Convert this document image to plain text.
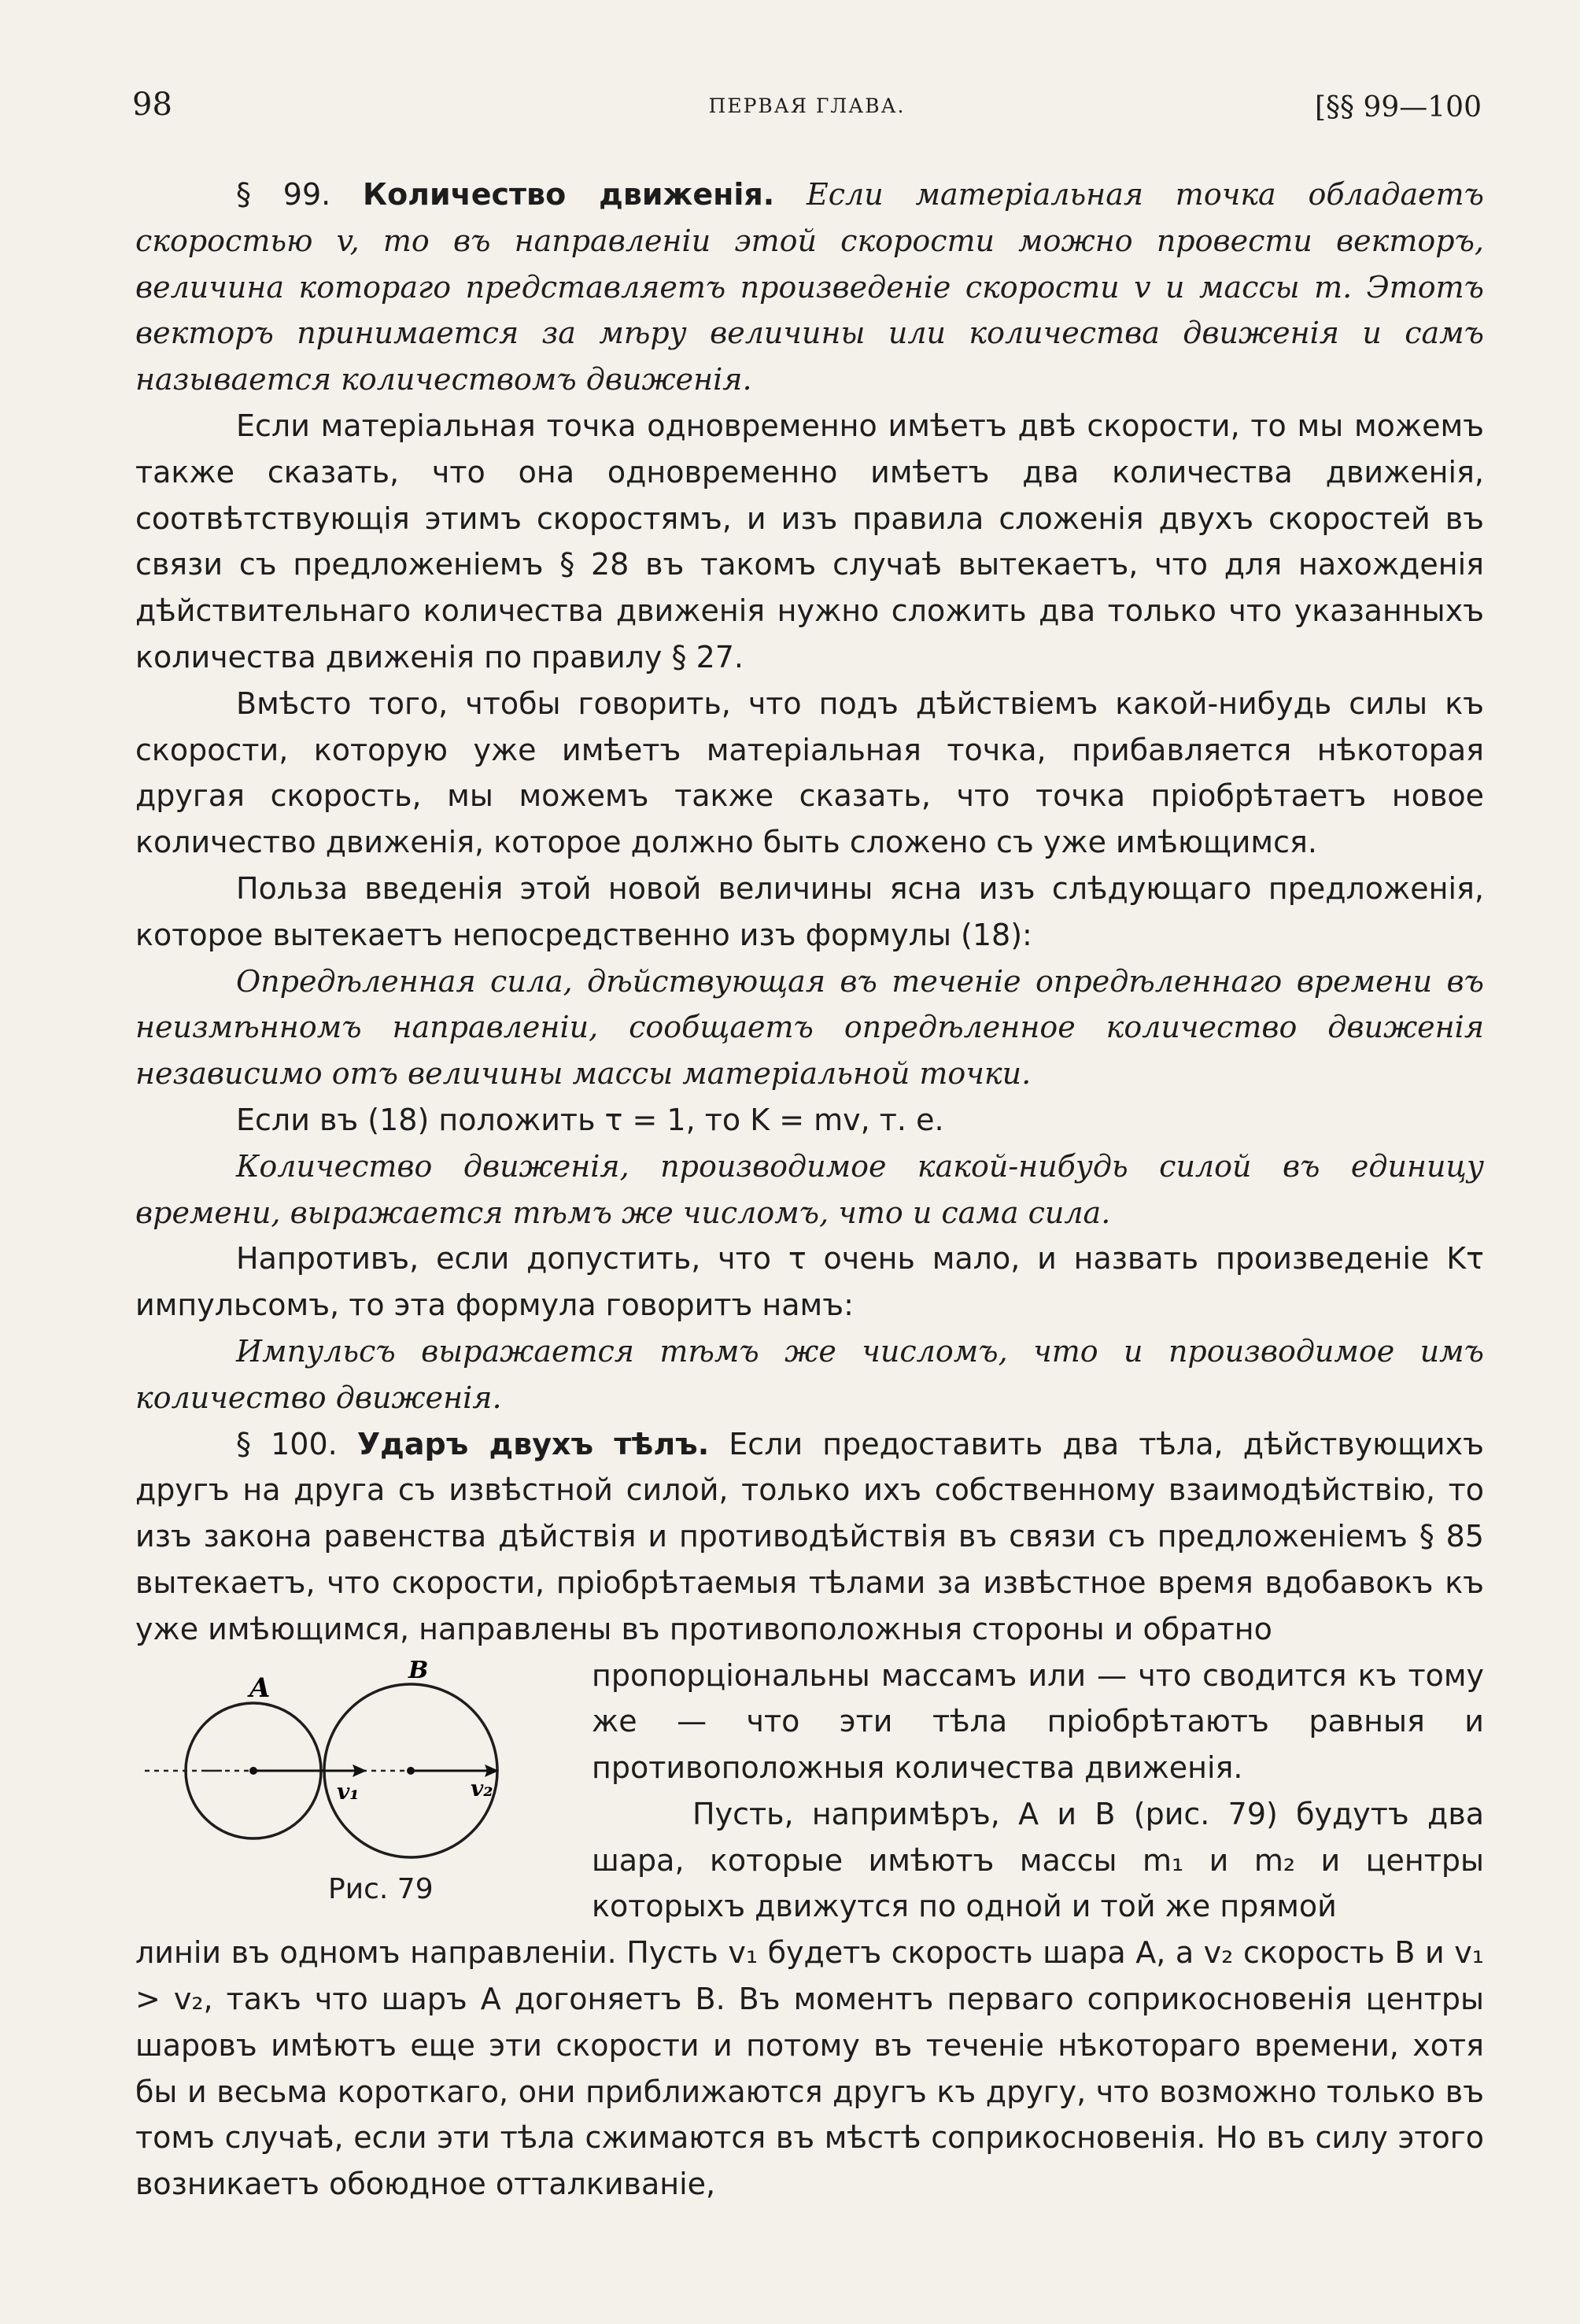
98	ПЕРВАЯ ГЛАВА.	[§§ 99—100

§ 99. Количество движенія. Если матеріальная точка обладаетъ скоростью v, то въ направленіи этой скорости можно провести векторъ, величина котораго представляетъ произведеніе скорости v и массы m. Этотъ векторъ принимается за мѣру величины или количества движенія и самъ называется количествомъ движенія.

Если матеріальная точка одновременно имѣетъ двѣ скорости, то мы можемъ также сказать, что она одновременно имѣетъ два количества движенія, соотвѣтствующія этимъ скоростямъ, и изъ правила сложенія двухъ скоростей въ связи съ предложеніемъ § 28 въ такомъ случаѣ вытекаетъ, что для нахожденія дѣйствительнаго количества движенія нужно сложить два только что указанныхъ количества движенія по правилу § 27.

Вмѣсто того, чтобы говорить, что подъ дѣйствіемъ какой-нибудь силы къ скорости, которую уже имѣетъ матеріальная точка, прибавляется нѣкоторая другая скорость, мы можемъ также сказать, что точка пріобрѣтаетъ новое количество движенія, которое должно быть сложено съ уже имѣющимся.

Польза введенія этой новой величины ясна изъ слѣдующаго предложенія, которое вытекаетъ непосредственно изъ формулы (18):

Опредѣленная сила, дѣйствующая въ теченіе опредѣленнаго времени въ неизмѣнномъ направленіи, сообщаетъ опредѣленное количество движенія независимо отъ величины массы матеріальной точки.

Если въ (18) положить τ = 1, то K = mv, т. е.

Количество движенія, производимое какой-нибудь силой въ единицу времени, выражается тѣмъ же числомъ, что и сама сила.

Напротивъ, если допустить, что τ очень мало, и назвать произведеніе Kτ импульсомъ, то эта формула говоритъ намъ:

Импульсъ выражается тѣмъ же числомъ, что и производимое имъ количество движенія.

§ 100. Ударъ двухъ тѣлъ. Если предоставить два тѣла, дѣйствующихъ другъ на друга съ извѣстной силой, только ихъ собственному взаимодѣйствію, то изъ закона равенства дѣйствія и противодѣйствія въ связи съ предложеніемъ § 85 вытекаетъ, что скорости, пріобрѣтаемыя тѣлами за извѣстное время вдобавокъ къ уже имѣющимся, направлены въ противоположныя стороны и обратно

A
B
v₁	v₂
Рис. 79

пропорціональны массамъ или — что сводится къ тому же — что эти тѣла пріобрѣтаютъ равныя и противоположныя количества движенія.

Пусть, напримѣръ, A и B (рис. 79) будутъ два шара, которые имѣютъ массы m₁ и m₂ и центры которыхъ движутся по одной и той же прямой

линіи въ одномъ направленіи. Пусть v₁ будетъ скорость шара A, а v₂ скорость B и v₁ > v₂, такъ что шаръ A догоняетъ B. Въ моментъ перваго соприкосновенія центры шаровъ имѣютъ еще эти скорости и потому въ теченіе нѣкотораго времени, хотя бы и весьма короткаго, они приближаются другъ къ другу, что возможно только въ томъ случаѣ, если эти тѣла сжимаются въ мѣстѣ соприкосновенія. Но въ силу этого возникаетъ обоюдное отталкиваніе,
